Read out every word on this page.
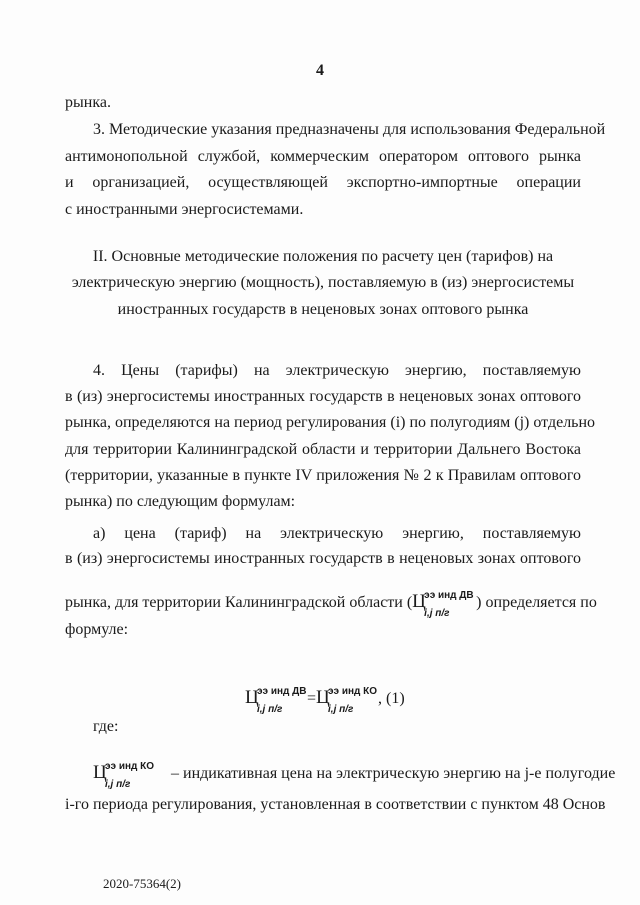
4
рынка.
3. Методические указания предназначены для использования Федеральной
антимонопольной службой, коммерческим оператором оптового рынка
и организацией, осуществляющей экспортно-импортные операции
с иностранными энергосистемами.
II. Основные методические положения по расчету цен (тарифов) на
электрическую энергию (мощность), поставляемую в (из) энергосистемы
иностранных государств в неценовых зонах оптового рынка
4. Цены (тарифы) на электрическую энергию, поставляемую
в (из) энергосистемы иностранных государств в неценовых зонах оптового
рынка, определяются на период регулирования (i) по полугодиям (j) отдельно
для территории Калининградской области и территории Дальнего Востока
(территории, указанные в пункте IV приложения № 2 к Правилам оптового
рынка) по следующим формулам:
а) цена (тариф) на электрическую энергию, поставляемую
в (из) энергосистемы иностранных государств в неценовых зонах оптового
рынка, для территории Калининградской области (Ц
ээ инд ДВ
i,j п/г
) определяется по
формуле:
Ц
ээ инд ДВ
i,j п/г
=Ц
ээ инд КО
i,j п/г
, (1)
где:
Ц
ээ инд КО
i,j п/г
– индикативная цена на электрическую энергию на j-е полугодие
i-го периода регулирования, установленная в соответствии с пунктом 48 Основ
2020-75364(2)
